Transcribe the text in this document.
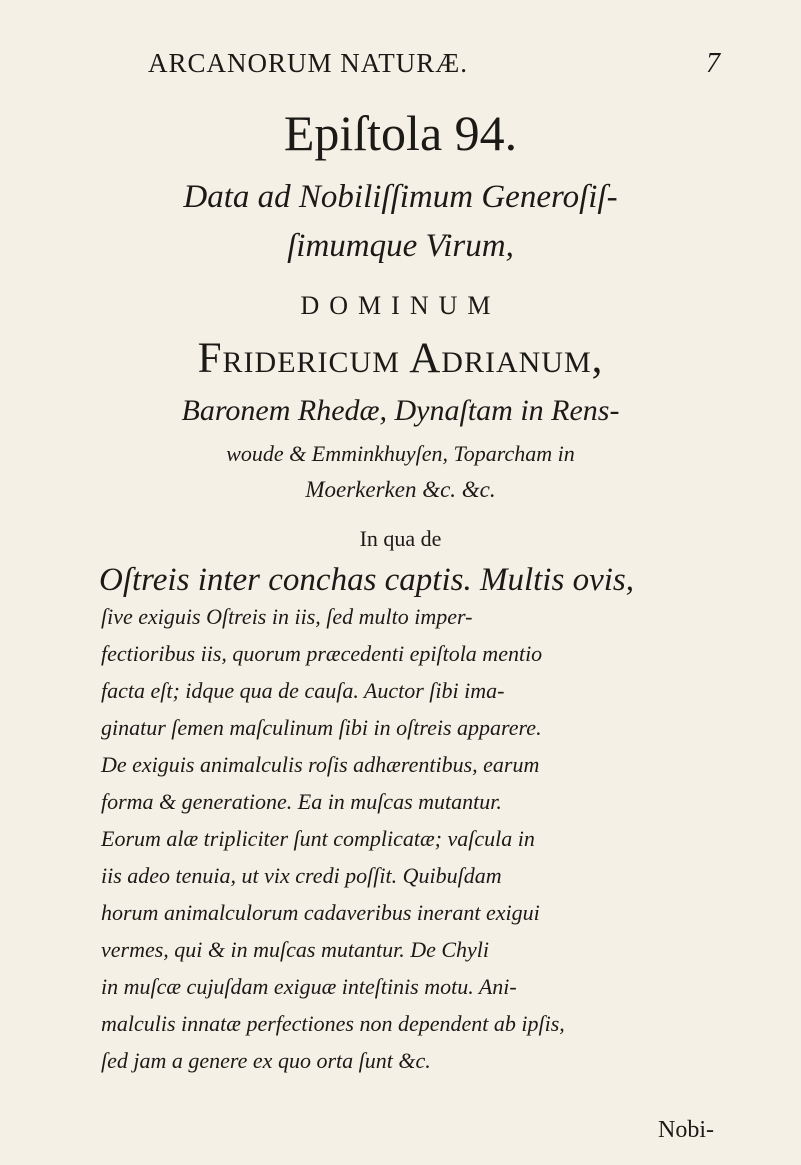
ARCANORUM NATURÆ.	7
Epiſtola 94.
Data ad Nobiliſſimum Generoſiſ-
ſimumque Virum,
DOMINUM
Fridericum Adrianum,
Baronem Rhedæ, Dynaſtam in Rens-
woude & Emminkhuyſen, Toparcham in
Moerkerken &c. &c.
In qua de
Oſtreis inter conchas captis. Multis ovis,
ſive exiguis Oſtreis in iis, ſed multo imper-
fectioribus iis, quorum præcedenti epiſtola mentio
facta eſt; idque qua de cauſa. Auctor ſibi ima-
ginatur ſemen maſculinum ſibi in oſtreis apparere.
De exiguis animalculis roſis adhærentibus, earum
forma & generatione. Ea in muſcas mutantur.
Eorum alæ tripliciter ſunt complicatæ; vaſcula in
iis adeo tenuia, ut vix credi poſſit. Quibuſdam
horum animalculorum cadaveribus inerant exigui
vermes, qui & in muſcas mutantur. De Chyli
in muſcæ cujuſdam exiguæ inteſtinis motu. Ani-
malculis innatæ perfectiones non dependent ab ipſis,
ſed jam a genere ex quo orta ſunt &c.
Nobi-
